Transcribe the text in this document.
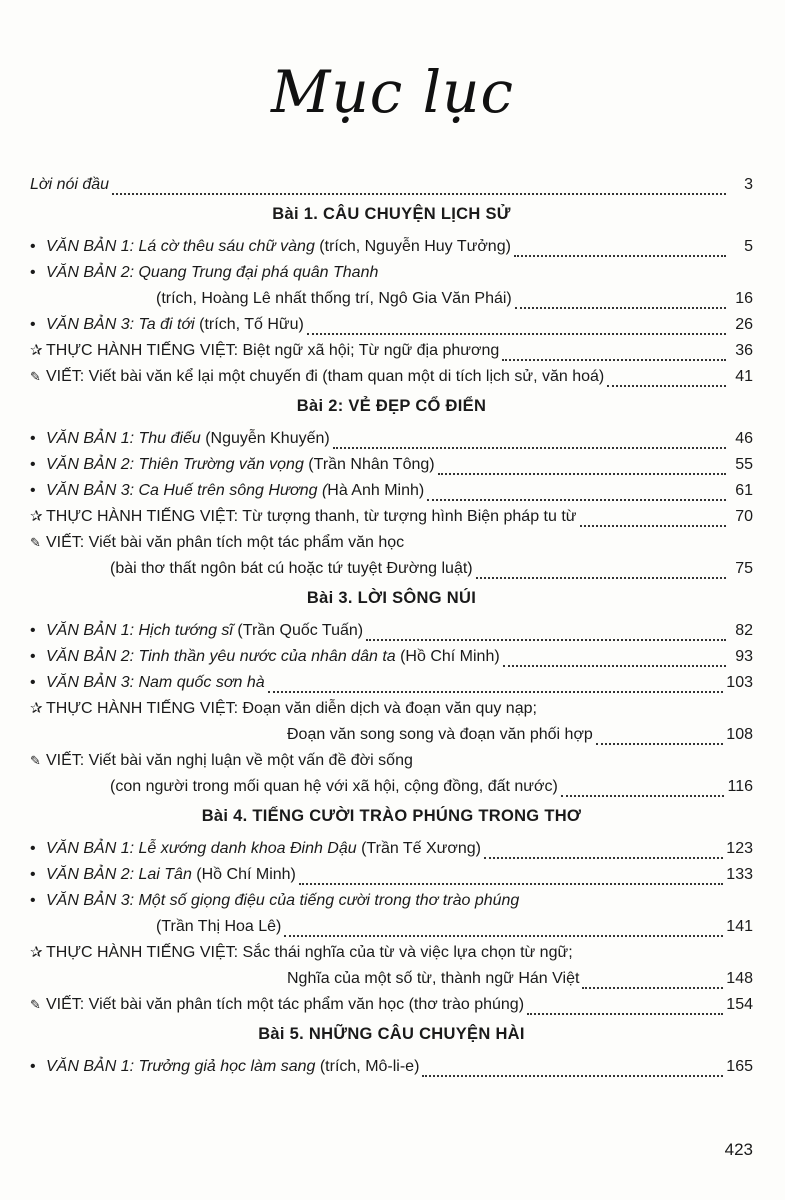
Mục lục
Lời nói đầu	3
Bài 1. CÂU CHUYỆN LỊCH SỬ
• VĂN BẢN 1: Lá cờ thêu sáu chữ vàng (trích, Nguyễn Huy Tưởng)	5
• VĂN BẢN 2: Quang Trung đại phá quân Thanh
(trích, Hoàng Lê nhất thống trí, Ngô Gia Văn Phái)	16
• VĂN BẢN 3: Ta đi tới (trích, Tố Hữu)	26
✰ THỰC HÀNH TIẾNG VIỆT: Biệt ngữ xã hội; Từ ngữ địa phương	36
✎ VIẾT: Viết bài văn kể lại một chuyến đi (tham quan một di tích lịch sử, văn hoá)	41
Bài 2: VẺ ĐẸP CỔ ĐIỂN
• VĂN BẢN 1: Thu điếu (Nguyễn Khuyến)	46
• VĂN BẢN 2: Thiên Trường văn vọng (Trần Nhân Tông)	55
• VĂN BẢN 3: Ca Huế trên sông Hương ( Hà Anh Minh)	61
✰ THỰC HÀNH TIẾNG VIỆT: Từ tượng thanh, từ tượng hình Biện pháp tu từ	70
✎ VIẾT: Viết bài văn phân tích một tác phẩm văn học
(bài thơ thất ngôn bát cú hoặc tứ tuyệt Đường luật)	75
Bài 3. LỜI SÔNG NÚI
• VĂN BẢN 1: Hịch tướng sĩ (Trần Quốc Tuấn)	82
• VĂN BẢN 2: Tinh thần yêu nước của nhân dân ta (Hồ Chí Minh)	93
• VĂN BẢN 3: Nam quốc sơn hà	103
✰ THỰC HÀNH TIẾNG VIỆT: Đoạn văn diễn dịch và đoạn văn quy nạp;
Đoạn văn song song và đoạn văn phối hợp	108
✎ VIẾT: Viết bài văn nghị luận về một vấn đề đời sống
(con người trong mối quan hệ với xã hội, cộng đồng, đất nước)	116
Bài 4. TIẾNG CƯỜI TRÀO PHÚNG TRONG THƠ
• VĂN BẢN 1: Lễ xướng danh khoa Đinh Dậu (Trần Tế Xương)	123
• VĂN BẢN 2: Lai Tân (Hồ Chí Minh)	133
• VĂN BẢN 3: Một số giọng điệu của tiếng cười trong thơ trào phúng
(Trần Thị Hoa Lê)	141
✰ THỰC HÀNH TIẾNG VIỆT: Sắc thái nghĩa của từ và việc lựa chọn từ ngữ;
Nghĩa của một số từ, thành ngữ Hán Việt	148
✎ VIẾT: Viết bài văn phân tích một tác phẩm văn học (thơ trào phúng)	154
Bài 5. NHỮNG CÂU CHUYỆN HÀI
• VĂN BẢN 1: Trưởng giả học làm sang (trích, Mô-li-e)	165
423
